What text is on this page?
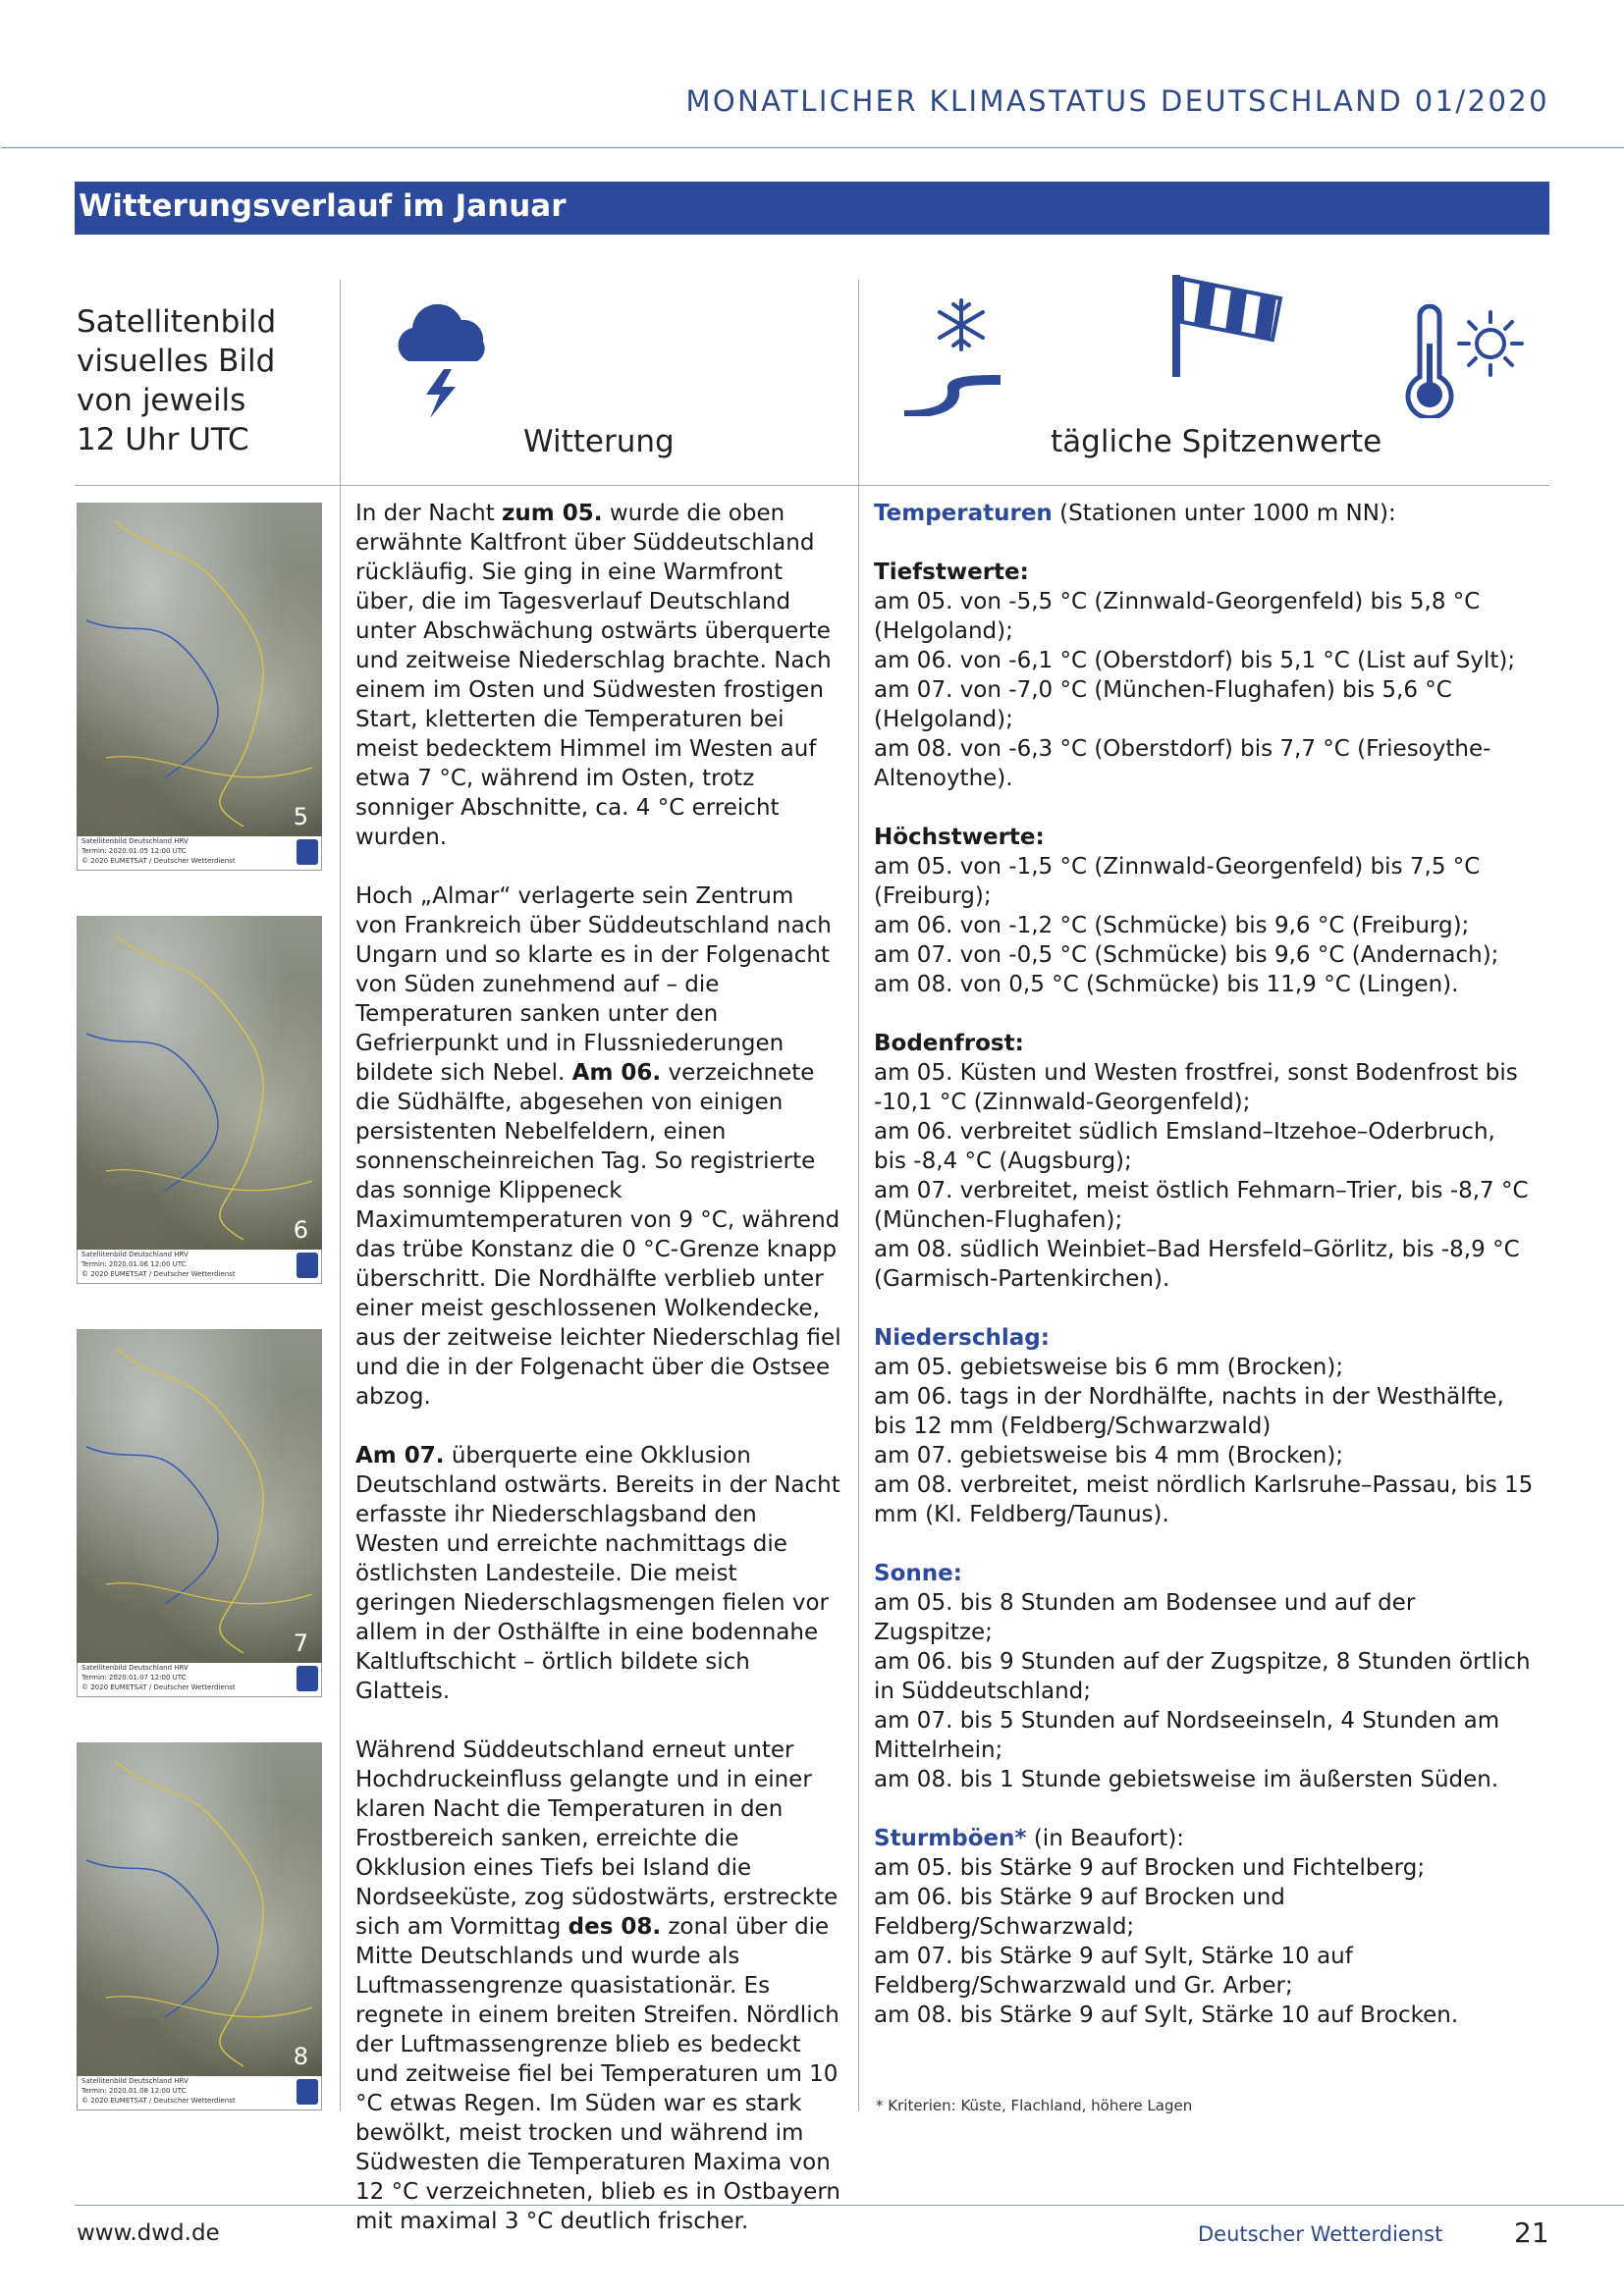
MONATLICHER KLIMASTATUS DEUTSCHLAND 01/2020
Witterungsverlauf im Januar
Satellitenbild
visuelles Bild
von jeweils
12 Uhr UTC	Witterung	tägliche Spitzenwerte
5
Satellitenbild Deutschland HRV
Termin: 2020.01.05 12:00 UTC
© 2020 EUMETSAT / Deutscher Wetterdienst
6
Satellitenbild Deutschland HRV
Termin: 2020.01.06 12:00 UTC
© 2020 EUMETSAT / Deutscher Wetterdienst
7
Satellitenbild Deutschland HRV
Termin: 2020.01.07 12:00 UTC
© 2020 EUMETSAT / Deutscher Wetterdienst
8
Satellitenbild Deutschland HRV
Termin: 2020.01.08 12:00 UTC
© 2020 EUMETSAT / Deutscher Wetterdienst

In der Nacht zum 05. wurde die oben erwähnte Kaltfront über Süddeutschland rückläufig. Sie ging in eine Warmfront über, die im Tagesverlauf Deutschland unter Abschwächung ostwärts überquerte und zeitweise Niederschlag brachte. Nach einem im Osten und Südwesten frostigen Start, kletterten die Temperaturen bei meist bedecktem Himmel im Westen auf etwa 7 °C, während im Osten, trotz sonniger Abschnitte, ca. 4 °C erreicht wurden.

Hoch „Almar“ verlagerte sein Zentrum von Frankreich über Süddeutschland nach Ungarn und so klarte es in der Folgenacht von Süden zunehmend auf – die Temperaturen sanken unter den Gefrierpunkt und in Flussniederungen bildete sich Nebel. Am 06. verzeichnete die Südhälfte, abgesehen von einigen persistenten Nebelfeldern, einen sonnenscheinreichen Tag. So registrierte das sonnige Klippeneck Maximumtemperaturen von 9 °C, während das trübe Konstanz die 0 °C-Grenze knapp überschritt. Die Nordhälfte verblieb unter einer meist geschlossenen Wolkendecke, aus der zeitweise leichter Niederschlag fiel und die in der Folgenacht über die Ostsee abzog.

Am 07. überquerte eine Okklusion Deutschland ostwärts. Bereits in der Nacht erfasste ihr Niederschlagsband den Westen und erreichte nachmittags die östlichsten Landesteile. Die meist geringen Niederschlagsmengen fielen vor allem in der Osthälfte in eine bodennahe Kaltluftschicht – örtlich bildete sich Glatteis.

Während Süddeutschland erneut unter Hochdruckeinfluss gelangte und in einer klaren Nacht die Temperaturen in den Frostbereich sanken, erreichte die Okklusion eines Tiefs bei Island die Nordseeküste, zog südostwärts, erstreckte sich am Vormittag des 08. zonal über die Mitte Deutschlands und wurde als Luftmassengrenze quasistationär. Es regnete in einem breiten Streifen. Nördlich der Luftmassengrenze blieb es bedeckt und zeitweise fiel bei Temperaturen um 10 °C etwas Regen. Im Süden war es stark bewölkt, meist trocken und während im Südwesten die Temperaturen Maxima von 12 °C verzeichneten, blieb es in Ostbayern mit maximal 3 °C deutlich frischer.

Temperaturen (Stationen unter 1000 m NN):
Tiefstwerte:
am 05. von -5,5 °C (Zinnwald-Georgenfeld) bis 5,8 °C (Helgoland);
am 06. von -6,1 °C (Oberstdorf) bis 5,1 °C (List auf Sylt);
am 07. von -7,0 °C (München-Flughafen) bis 5,6 °C (Helgoland);
am 08. von -6,3 °C (Oberstdorf) bis 7,7 °C (Friesoythe-Altenoythe).
Höchstwerte:
am 05. von -1,5 °C (Zinnwald-Georgenfeld) bis 7,5 °C (Freiburg);
am 06. von -1,2 °C (Schmücke) bis 9,6 °C (Freiburg);
am 07. von -0,5 °C (Schmücke) bis 9,6 °C (Andernach);
am 08. von 0,5 °C (Schmücke) bis 11,9 °C (Lingen).
Bodenfrost:
am 05. Küsten und Westen frostfrei, sonst Bodenfrost bis -10,1 °C (Zinnwald-Georgenfeld);
am 06. verbreitet südlich Emsland–Itzehoe–Oderbruch, bis -8,4 °C (Augsburg);
am 07. verbreitet, meist östlich Fehmarn–Trier, bis -8,7 °C (München-Flughafen);
am 08. südlich Weinbiet–Bad Hersfeld–Görlitz, bis -8,9 °C (Garmisch-Partenkirchen).
Niederschlag:
am 05. gebietsweise bis 6 mm (Brocken);
am 06. tags in der Nordhälfte, nachts in der Westhälfte, bis 12 mm (Feldberg/Schwarzwald)
am 07. gebietsweise bis 4 mm (Brocken);
am 08. verbreitet, meist nördlich Karlsruhe–Passau, bis 15 mm (Kl. Feldberg/Taunus).
Sonne:
am 05. bis 8 Stunden am Bodensee und auf der Zugspitze;
am 06. bis 9 Stunden auf der Zugspitze, 8 Stunden örtlich in Süddeutschland;
am 07. bis 5 Stunden auf Nordseeinseln, 4 Stunden am Mittelrhein;
am 08. bis 1 Stunde gebietsweise im äußersten Süden.
Sturmböen* (in Beaufort):
am 05. bis Stärke 9 auf Brocken und Fichtelberg;
am 06. bis Stärke 9 auf Brocken und Feldberg/Schwarzwald;
am 07. bis Stärke 9 auf Sylt, Stärke 10 auf Feldberg/Schwarzwald und Gr. Arber;
am 08. bis Stärke 9 auf Sylt, Stärke 10 auf Brocken.
* Kriterien: Küste, Flachland, höhere Lagen
www.dwd.de	Deutscher Wetterdienst	21
